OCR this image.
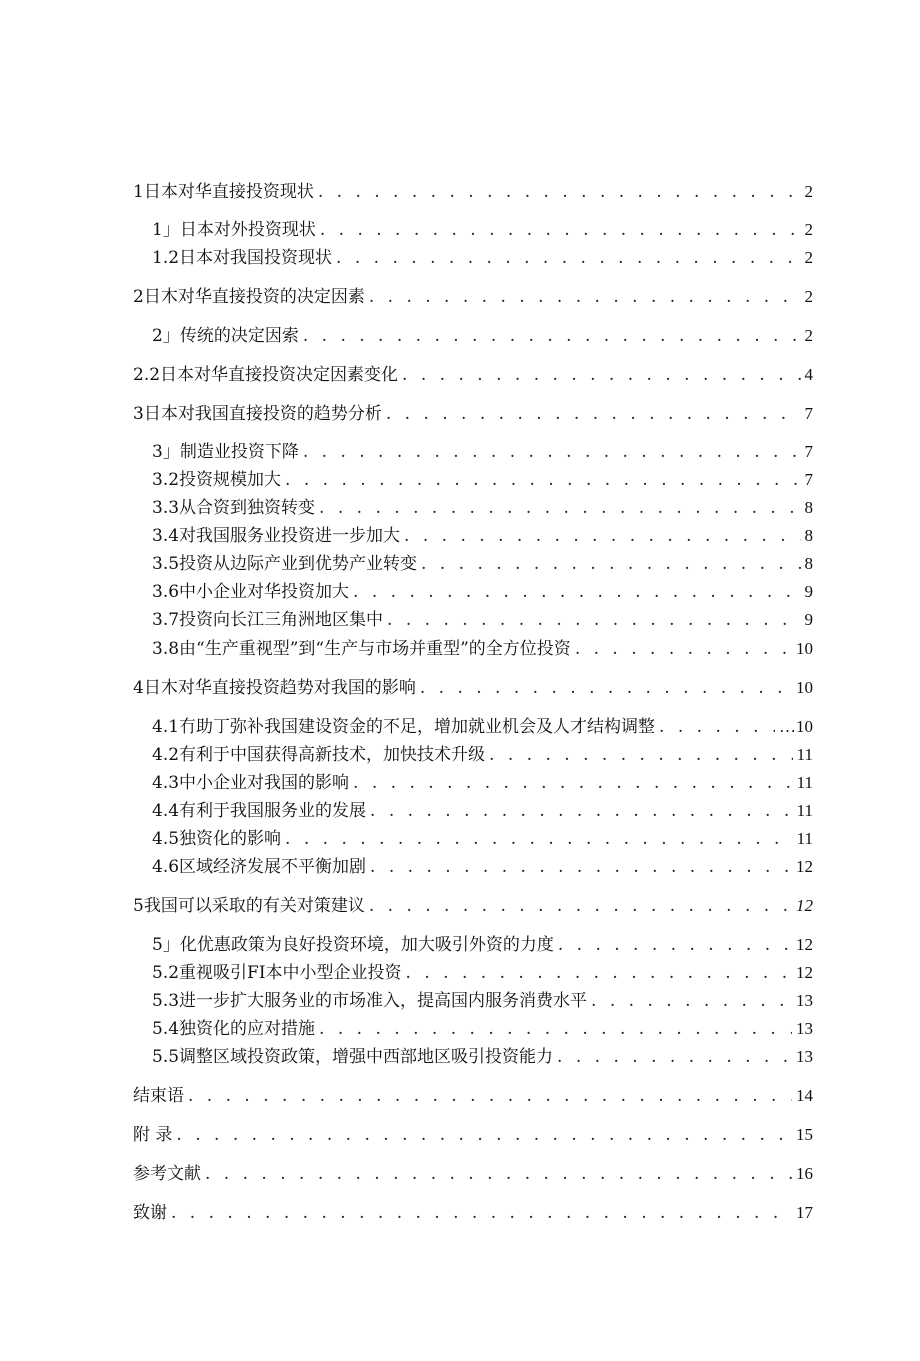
1日本对华直接投资现状 . . .	2
1」日本对外投资现状 . . .	2
1.2日本对我国投资现状 . . .	2
2日木对华直接投资的决定因素 . . .	2
2」传统的决定因索 . . .	2
2.2日本对华直接投资决定因素变化 . . .	4
3日本对我国直接投资的趋势分析 . . .	7
3」制造业投资下降 . . .	7
3.2投资规模加大 . . .	7
3.3从合资到独资转变 . . .	8
3.4对我国服务业投资进一步加大 . . .	8
3.5投资从边际产业到优势产业转变 . . .	8
3.6中小企业对华投资加大 . . .	9
3.7投资向长江三角洲地区集中 . . .	9
3.8由“生产重视型”到“生产与市场并重型”的全方位投资 . . .	10
4日木对华直接投资趋势对我国的影响 . . .	10
4.1冇助丁弥补我国建设资金的不足，增加就业机会及人才结构调整 . . .	…10
4.2有利于中国获得高新技术，加快技术升级 . . .	11
4.3中小企业对我国的影响 . . .	11
4.4有利于我国服务业的发展 . . .	11
4.5独资化的影响 . . .	11
4.6区域经济发展不平衡加剧 . . .	12
5我国可以采取的有关对策建议 . . .	12
5」化优惠政策为良好投资环境，加大吸引外资的力度 . . .	12
5.2重视吸引FI本中小型企业投资 . . .	12
5.3进一步扩大服务业的市场准入，提高国内服务消费水平 . . .	13
5.4独资化的应对措施 . . .	13
5.5调整区域投资政策，增强中西部地区吸引投资能力 . . .	13
结束语 . . .	14
附 录 . . .	15
参考文献 . . .	16
致谢 . . .	17
